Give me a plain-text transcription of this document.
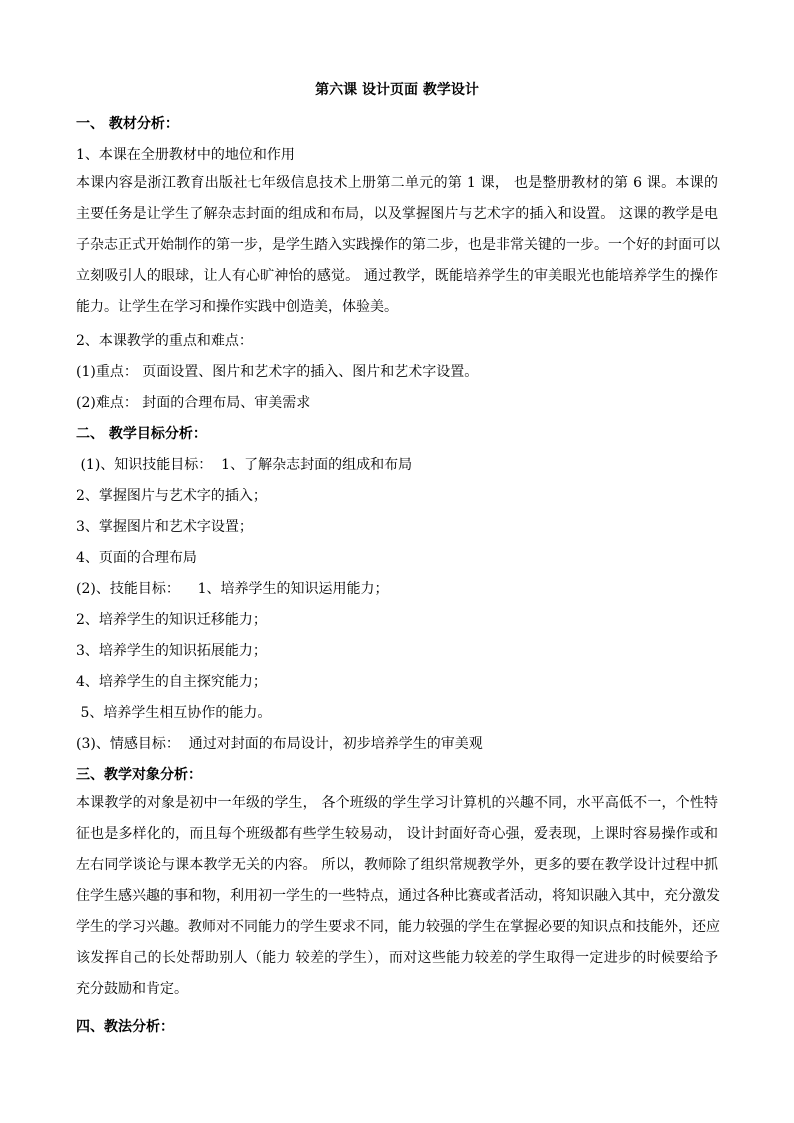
第六课 设计页面 教学设计
一、 教材分析：
1、本课在全册教材中的地位和作用
本课内容是浙江教育出版社七年级信息技术上册第二单元的第 1 课， 也是整册教材的第 6 课。本课的
主要任务是让学生了解杂志封面的组成和布局，以及掌握图片与艺术字的插入和设置。 这课的教学是电
子杂志正式开始制作的第一步，是学生踏入实践操作的第二步，也是非常关键的一步。一个好的封面可以
立刻吸引人的眼球，让人有心旷神怡的感觉。 通过教学，既能培养学生的审美眼光也能培养学生的操作
能力。让学生在学习和操作实践中创造美，体验美。
2、本课教学的重点和难点：
(1)重点： 页面设置、图片和艺术字的插入、图片和艺术字设置。
(2)难点： 封面的合理布局、审美需求
二、 教学目标分析：
(1)、知识技能目标：  1、了解杂志封面的组成和布局
2、掌握图片与艺术字的插入；
3、掌握图片和艺术字设置；
4、页面的合理布局
(2)、技能目标：    1、培养学生的知识运用能力；
2、培养学生的知识迁移能力；
3、培养学生的知识拓展能力；
4、培养学生的自主探究能力；
5、培养学生相互协作的能力。
(3)、情感目标：  通过对封面的布局设计，初步培养学生的审美观
三、教学对象分析：
本课教学的对象是初中一年级的学生， 各个班级的学生学习计算机的兴趣不同，水平高低不一，个性特
征也是多样化的，而且每个班级都有些学生较易动， 设计封面好奇心强，爱表现，上课时容易操作或和
左右同学谈论与课本教学无关的内容。 所以，教师除了组织常规教学外，更多的要在教学设计过程中抓
住学生感兴趣的事和物，利用初一学生的一些特点，通过各种比赛或者活动，将知识融入其中，充分激发
学生的学习兴趣。教师对不同能力的学生要求不同，能力较强的学生在掌握必要的知识点和技能外，还应
该发挥自己的长处帮助别人（能力 较差的学生），而对这些能力较差的学生取得一定进步的时候要给予
充分鼓励和肯定。
四、教法分析：
